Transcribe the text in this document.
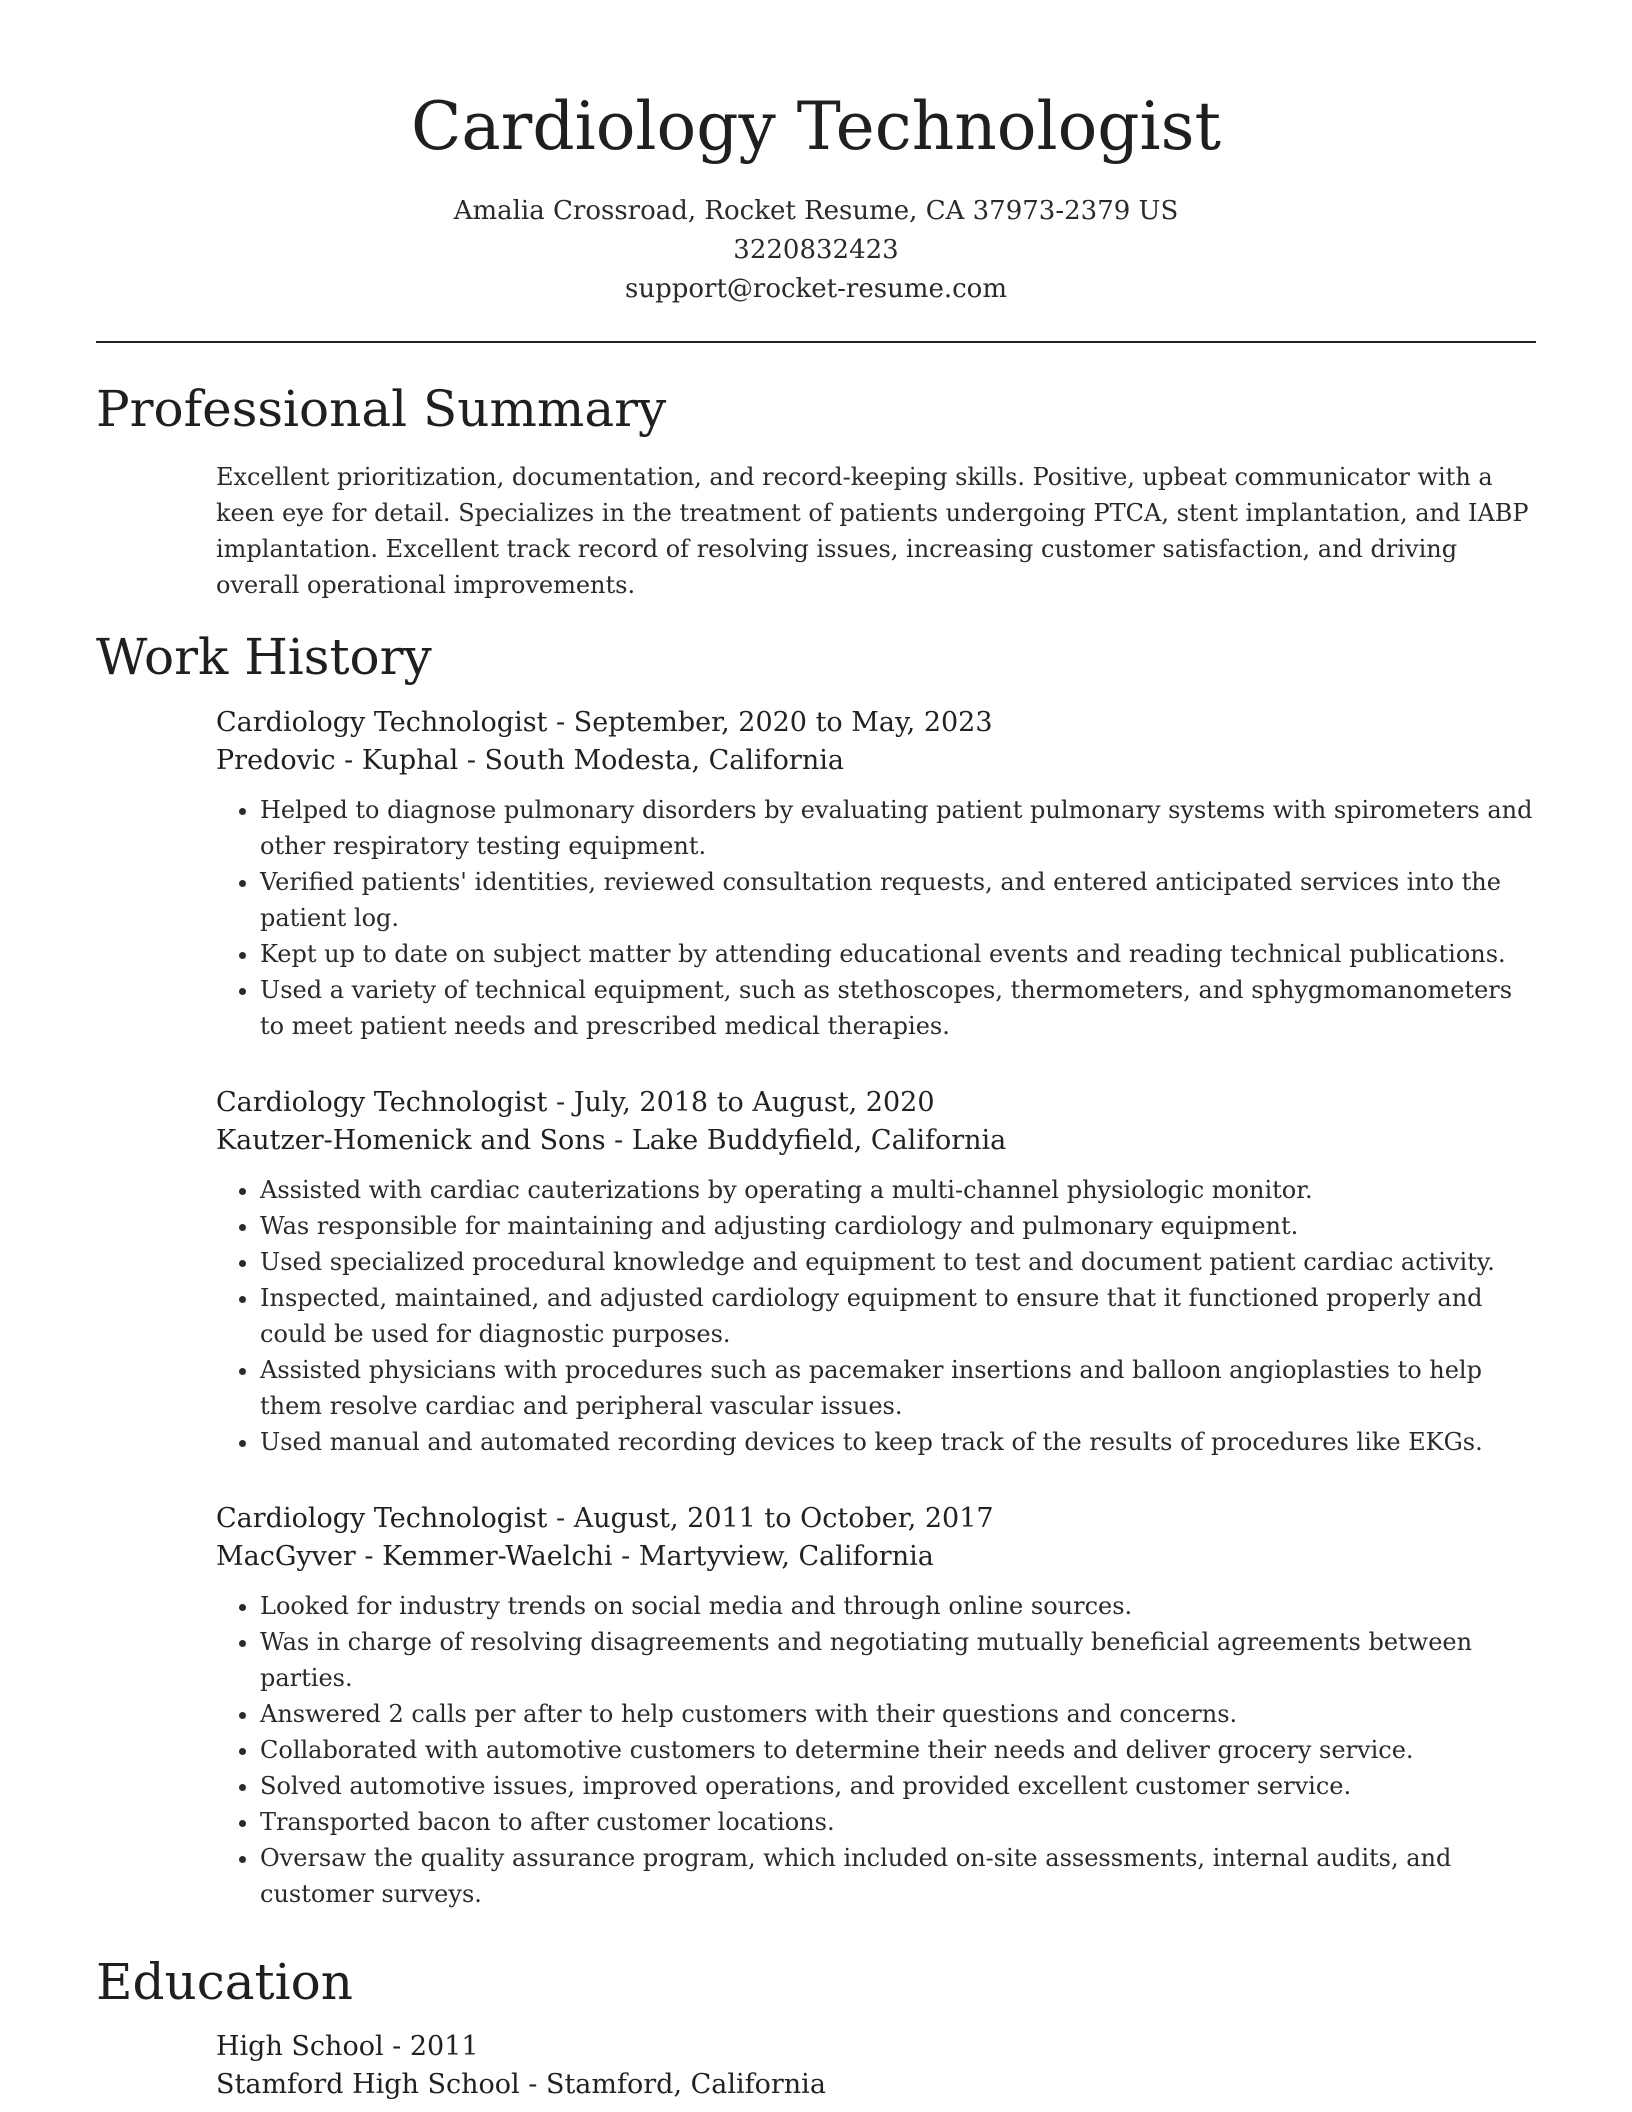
Cardiology Technologist
Amalia Crossroad, Rocket Resume, CA 37973-2379 US
3220832423
support@rocket-resume.com
Professional Summary
Excellent prioritization, documentation, and record-keeping skills. Positive, upbeat communicator with a keen eye for detail. Specializes in the treatment of patients undergoing PTCA, stent implantation, and IABP implantation. Excellent track record of resolving issues, increasing customer satisfaction, and driving overall operational improvements.
Work History
Cardiology Technologist - September, 2020 to May, 2023
Predovic - Kuphal - South Modesta, California
• Helped to diagnose pulmonary disorders by evaluating patient pulmonary systems with spirometers and other respiratory testing equipment.
• Verified patients' identities, reviewed consultation requests, and entered anticipated services into the patient log.
• Kept up to date on subject matter by attending educational events and reading technical publications.
• Used a variety of technical equipment, such as stethoscopes, thermometers, and sphygmomanometers to meet patient needs and prescribed medical therapies.
Cardiology Technologist - July, 2018 to August, 2020
Kautzer-Homenick and Sons - Lake Buddyfield, California
• Assisted with cardiac cauterizations by operating a multi-channel physiologic monitor.
• Was responsible for maintaining and adjusting cardiology and pulmonary equipment.
• Used specialized procedural knowledge and equipment to test and document patient cardiac activity.
• Inspected, maintained, and adjusted cardiology equipment to ensure that it functioned properly and could be used for diagnostic purposes.
• Assisted physicians with procedures such as pacemaker insertions and balloon angioplasties to help them resolve cardiac and peripheral vascular issues.
• Used manual and automated recording devices to keep track of the results of procedures like EKGs.
Cardiology Technologist - August, 2011 to October, 2017
MacGyver - Kemmer-Waelchi - Martyview, California
• Looked for industry trends on social media and through online sources.
• Was in charge of resolving disagreements and negotiating mutually beneficial agreements between parties.
• Answered 2 calls per after to help customers with their questions and concerns.
• Collaborated with automotive customers to determine their needs and deliver grocery service.
• Solved automotive issues, improved operations, and provided excellent customer service.
• Transported bacon to after customer locations.
• Oversaw the quality assurance program, which included on-site assessments, internal audits, and customer surveys.
Education
High School - 2011
Stamford High School - Stamford, California
